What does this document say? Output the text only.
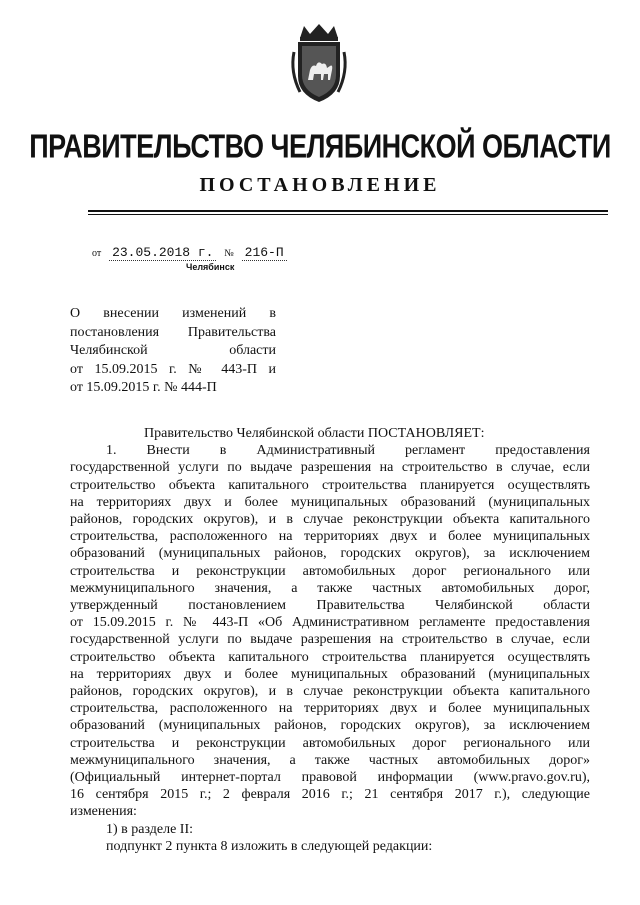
ПРАВИТЕЛЬСТВО ЧЕЛЯБИНСКОЙ ОБЛАСТИ
ПОСТАНОВЛЕНИЕ
от 23.05.2018 г. № 216-П
Челябинск
О внесении изменений в
постановления Правительства
Челябинской области
от 15.09.2015 г. № 443-П и
от 15.09.2015 г. № 444-П
Правительство Челябинской области ПОСТАНОВЛЯЕТ:
1. Внести в Административный регламент предоставления
государственной услуги по выдаче разрешения на строительство в случае, если
строительство объекта капитального строительства планируется осуществлять
на территориях двух и более муниципальных образований (муниципальных
районов, городских округов), и в случае реконструкции объекта капитального
строительства, расположенного на территориях двух и более муниципальных
образований (муниципальных районов, городских округов), за исключением
строительства и реконструкции автомобильных дорог регионального или
межмуниципального значения, а также частных автомобильных дорог,
утвержденный постановлением Правительства Челябинской области
от 15.09.2015 г. № 443-П «Об Административном регламенте предоставления
государственной услуги по выдаче разрешения на строительство в случае, если
строительство объекта капитального строительства планируется осуществлять
на территориях двух и более муниципальных образований (муниципальных
районов, городских округов), и в случае реконструкции объекта капитального
строительства, расположенного на территориях двух и более муниципальных
образований (муниципальных районов, городских округов), за исключением
строительства и реконструкции автомобильных дорог регионального или
межмуниципального значения, а также частных автомобильных дорог»
(Официальный интернет-портал правовой информации (www.pravo.gov.ru),
16 сентября 2015 г.; 2 февраля 2016 г.; 21 сентября 2017 г.), следующие
изменения:
1) в разделе II:
подпункт 2 пункта 8 изложить в следующей редакции:
